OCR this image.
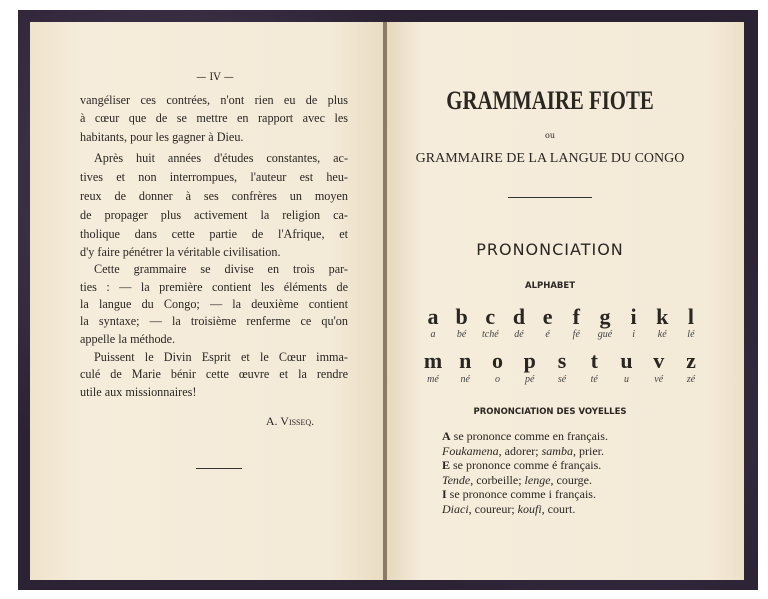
— IV —
vangéliser ces contrées, n'ont rien eu de plus
à cœur que de se mettre en rapport avec les
habitants, pour les gagner à Dieu.
Après huit années d'études constantes, ac-
tives et non interrompues, l'auteur est heu-
reux de donner à ses confrères un moyen
de propager plus activement la religion ca-
tholique dans cette partie de l'Afrique, et
d'y faire pénétrer la véritable civilisation.
Cette grammaire se divise en trois par-
ties : — la première contient les éléments de
la langue du Congo; — la deuxième contient
la syntaxe; — la troisième renferme ce qu'on
appelle la méthode.
Puissent le Divin Esprit et le Cœur imma-
culé de Marie bénir cette œuvre et la rendre
utile aux missionnaires!
A. Visseq.
GRAMMAIRE FIOTE
ou
GRAMMAIRE DE LA LANGUE DU CONGO
PRONONCIATION
ALPHABET
a b c d e f g i k l
a	bé	tché	dé	é	fé	gué	i	ké	lé
m n o p s	t	u v z
mé	né	o	pé	sé	té	u	vé	zé
PRONONCIATION DES VOYELLES
A se prononce comme en français.
Foukamena, adorer; samba, prier.
E se prononce comme é français.
Tende, corbeille; lenge, courge.
I se prononce comme i français.
Diaci, coureur; koufi, court.
